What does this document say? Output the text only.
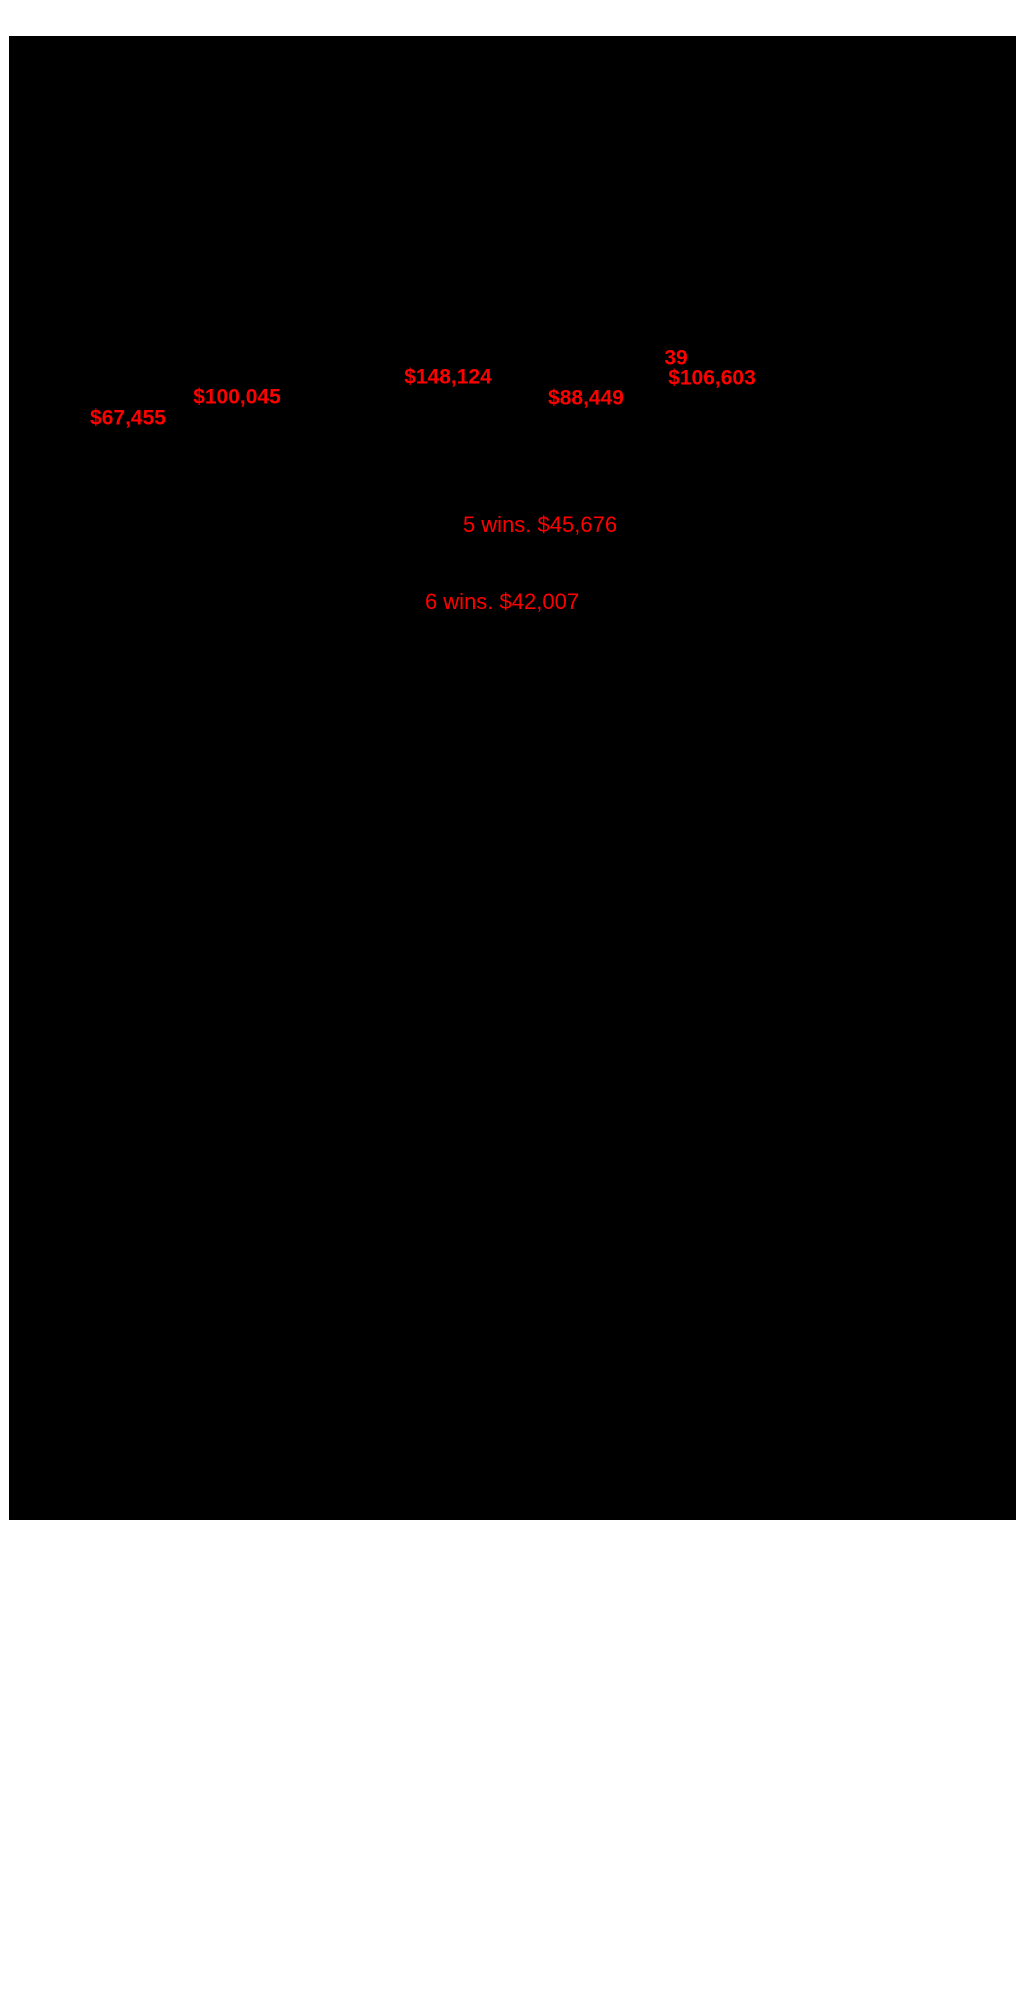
$67,455
$100,045
$148,124
$88,449
39
$106,603
5 wins. $45,676
6 wins. $42,007
